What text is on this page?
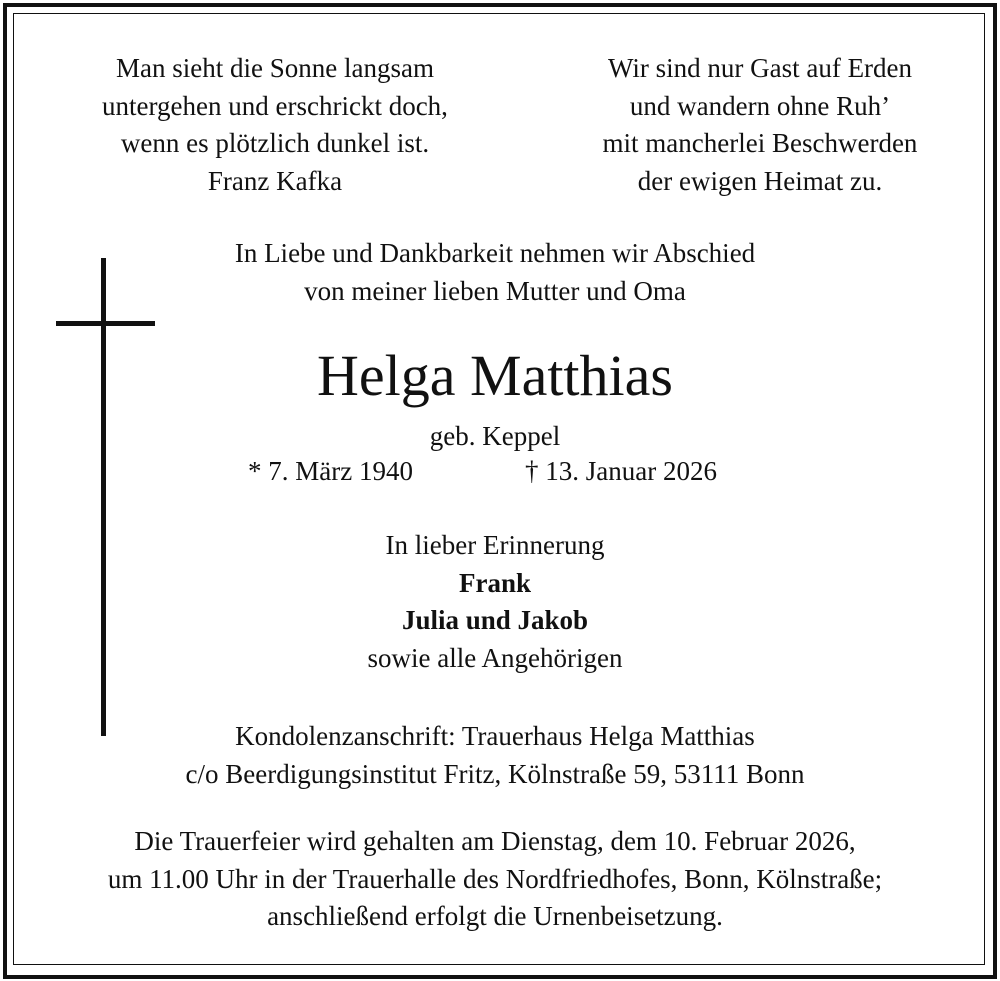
Man sieht die Sonne langsam
untergehen und erschrickt doch,
wenn es plötzlich dunkel ist.
Franz Kafka
Wir sind nur Gast auf Erden
und wandern ohne Ruh’
mit mancherlei Beschwerden
der ewigen Heimat zu.
In Liebe und Dankbarkeit nehmen wir Abschied
von meiner lieben Mutter und Oma
Helga Matthias
geb. Keppel
* 7. März 1940	† 13. Januar 2026
In lieber Erinnerung
Frank
Julia und Jakob
sowie alle Angehörigen
Kondolenzanschrift: Trauerhaus Helga Matthias
c/o Beerdigungsinstitut Fritz, Kölnstraße 59, 53111 Bonn
Die Trauerfeier wird gehalten am Dienstag, dem 10. Februar 2026,
um 11.00 Uhr in der Trauerhalle des Nordfriedhofes, Bonn, Kölnstraße;
anschließend erfolgt die Urnenbeisetzung.
